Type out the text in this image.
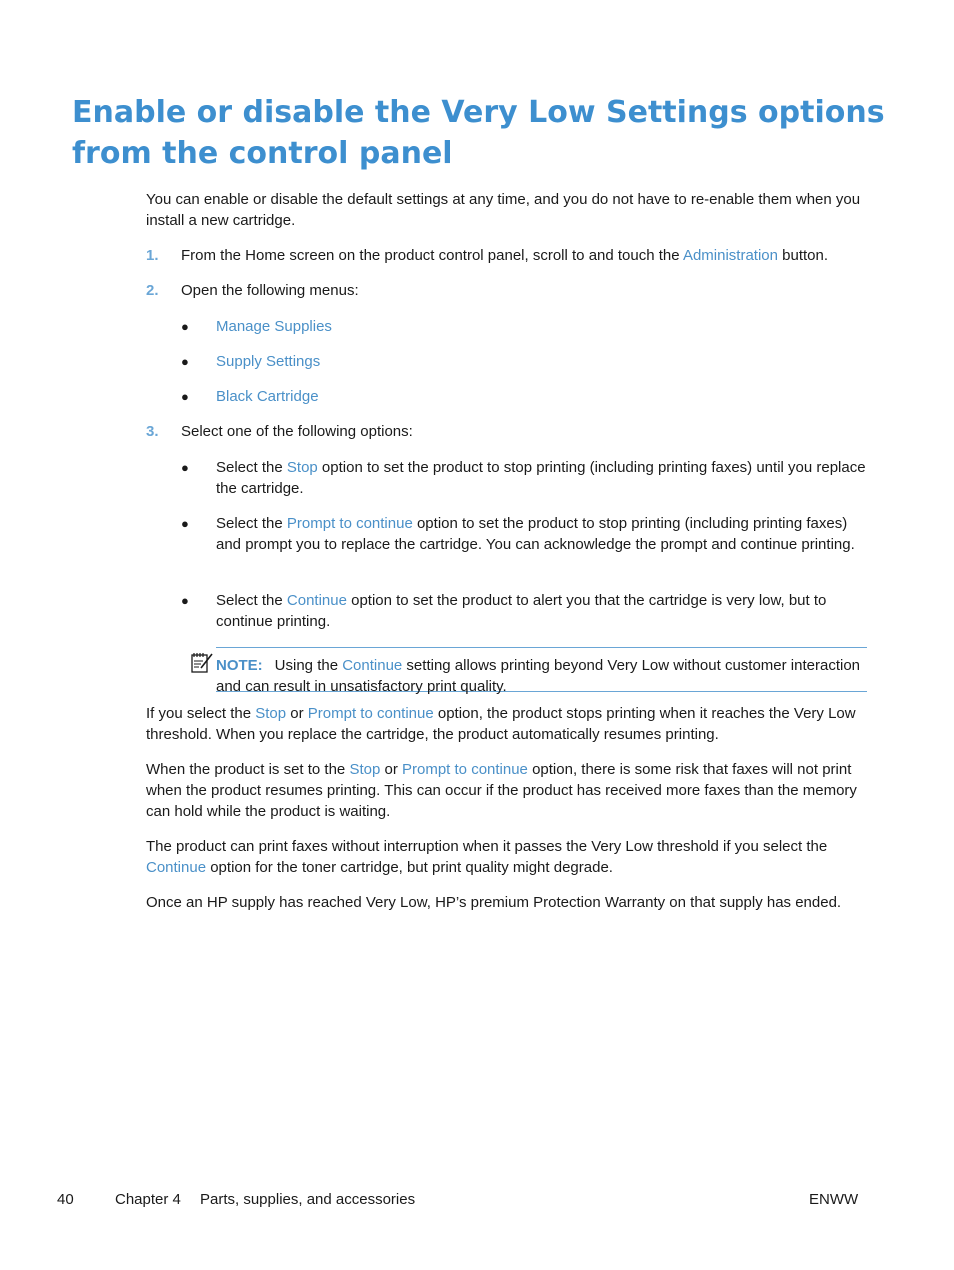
Enable or disable the Very Low Settings options from the control panel

You can enable or disable the default settings at any time, and you do not have to re-enable them when you install a new cartridge.

1. From the Home screen on the product control panel, scroll to and touch the Administration button.

2. Open the following menus:

● Manage Supplies
● Supply Settings
● Black Cartridge
3. Select one of the following options:

● Select the Stop option to set the product to stop printing (including printing faxes) until you replace the cartridge.

● Select the Prompt to continue option to set the product to stop printing (including printing faxes) and prompt you to replace the cartridge. You can acknowledge the prompt and continue printing.

● Select the Continue option to set the product to alert you that the cartridge is very low, but to continue printing.

NOTE: Using the Continue setting allows printing beyond Very Low without customer interaction and can result in unsatisfactory print quality.

If you select the Stop or Prompt to continue option, the product stops printing when it reaches the Very Low threshold. When you replace the cartridge, the product automatically resumes printing.

When the product is set to the Stop or Prompt to continue option, there is some risk that faxes will not print when the product resumes printing. This can occur if the product has received more faxes than the memory can hold while the product is waiting.

The product can print faxes without interruption when it passes the Very Low threshold if you select the Continue option for the toner cartridge, but print quality might degrade.

Once an HP supply has reached Very Low, HP’s premium Protection Warranty on that supply has ended.

40	Chapter 4 Parts, supplies, and accessories	ENWW
